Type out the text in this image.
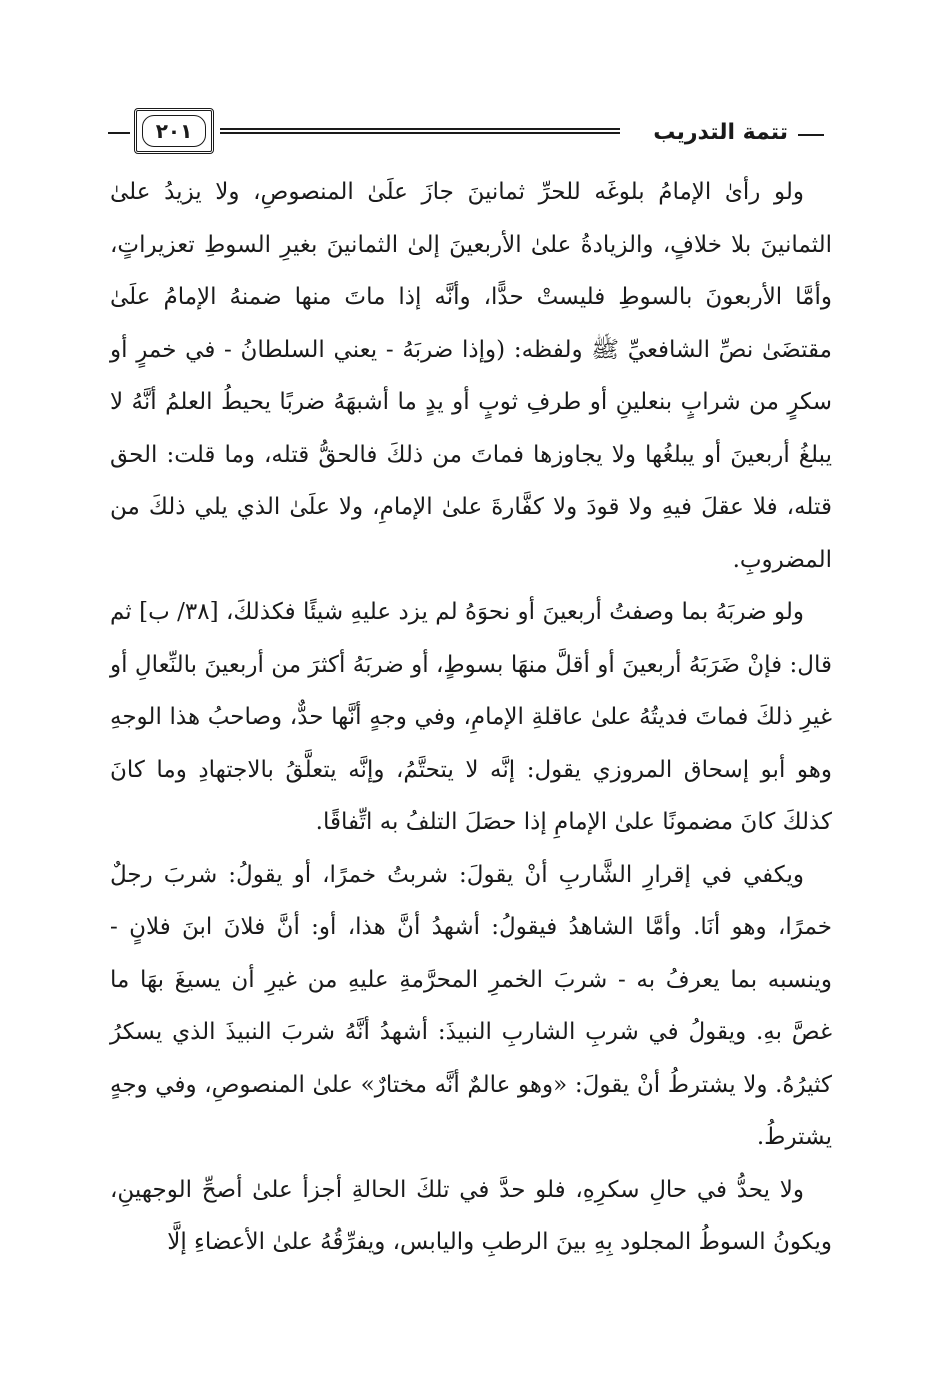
تتمة التدريب
٢٠١

ولو رأىٰ الإمامُ بلوغَه للحرِّ ثمانينَ جازَ علَىٰ المنصوصِ، ولا يزيدُ علىٰ الثمانينَ بلا خلافٍ، والزيادةُ علىٰ الأربعينَ إلىٰ الثمانينَ بغيرِ السوطِ تعزيراتٍ، وأمَّا الأربعونَ بالسوطِ فليستْ حدًّا، وأنَّه إذا ماتَ منها ضمنهُ الإمامُ علَىٰ مقتضَىٰ نصِّ الشافعيِّ ﷺ ولفظه: (وإذا ضربَهُ - يعني السلطانُ - في خمرٍ أو سكرٍ من شرابٍ بنعلينِ أو طرفِ ثوبٍ أو يدٍ ما أشبهَهُ ضربًا يحيطُ العلمُ أنَّهُ لا يبلغُ أربعينَ أو يبلغُها ولا يجاوزها فماتَ من ذلكَ فالحقُّ قتله، وما قلت: الحق قتله، فلا عقلَ فيهِ ولا قودَ ولا كفَّارةَ علىٰ الإمامِ، ولا علَىٰ الذي يلي ذلكَ من المضروبِ.

ولو ضربَهُ بما وصفتُ أربعينَ أو نحوَهُ لم يزد عليهِ شيئًا فكذلكَ، [٣٨/ ب] ثم قال: فإنْ ضَرَبَهُ أربعينَ أو أقلَّ منهَا بسوطٍ، أو ضربَهُ أكثرَ من أربعينَ بالنِّعالِ أو غيرِ ذلكَ فماتَ فديتُهُ علىٰ عاقلةِ الإمامِ، وفي وجهٍ أنَّها حدٌّ، وصاحبُ هذا الوجهِ وهو أبو إسحاق المروزي يقول: إنَّه لا يتحتَّمُ، وإنَّه يتعلَّقُ بالاجتهادِ وما كانَ كذلكَ كانَ مضمونًا علىٰ الإمامِ إذا حصَلَ التلفُ به اتِّفاقًا.

ويكفي في إقرارِ الشَّاربِ أنْ يقولَ: شربتُ خمرًا، أو يقولُ: شربَ رجلٌ خمرًا، وهو أنَا. وأمَّا الشاهدُ فيقولُ: أشهدُ أنَّ هذا، أو: أنَّ فلانَ ابنَ فلانٍ - وينسبه بما يعرفُ به - شربَ الخمرِ المحرَّمةِ عليهِ من غيرِ أن يسيغَ بهَا ما غصَّ بهِ. ويقولُ في شربِ الشاربِ النبيذَ: أشهدُ أنَّهُ شربَ النبيذَ الذي يسكرُ كثيرُهُ. ولا يشترطُ أنْ يقولَ: «وهو عالمٌ أنَّه مختارٌ» علىٰ المنصوصِ، وفي وجهٍ يشترطُ.

ولا يحدُّ في حالِ سكرِهِ، فلو حدَّ في تلكَ الحالةِ أجزأ علىٰ أصحِّ الوجهينِ، ويكونُ السوطُ المجلود بِهِ بينَ الرطبِ واليابس، ويفرِّقُهُ علىٰ الأعضاءِ إلَّا
